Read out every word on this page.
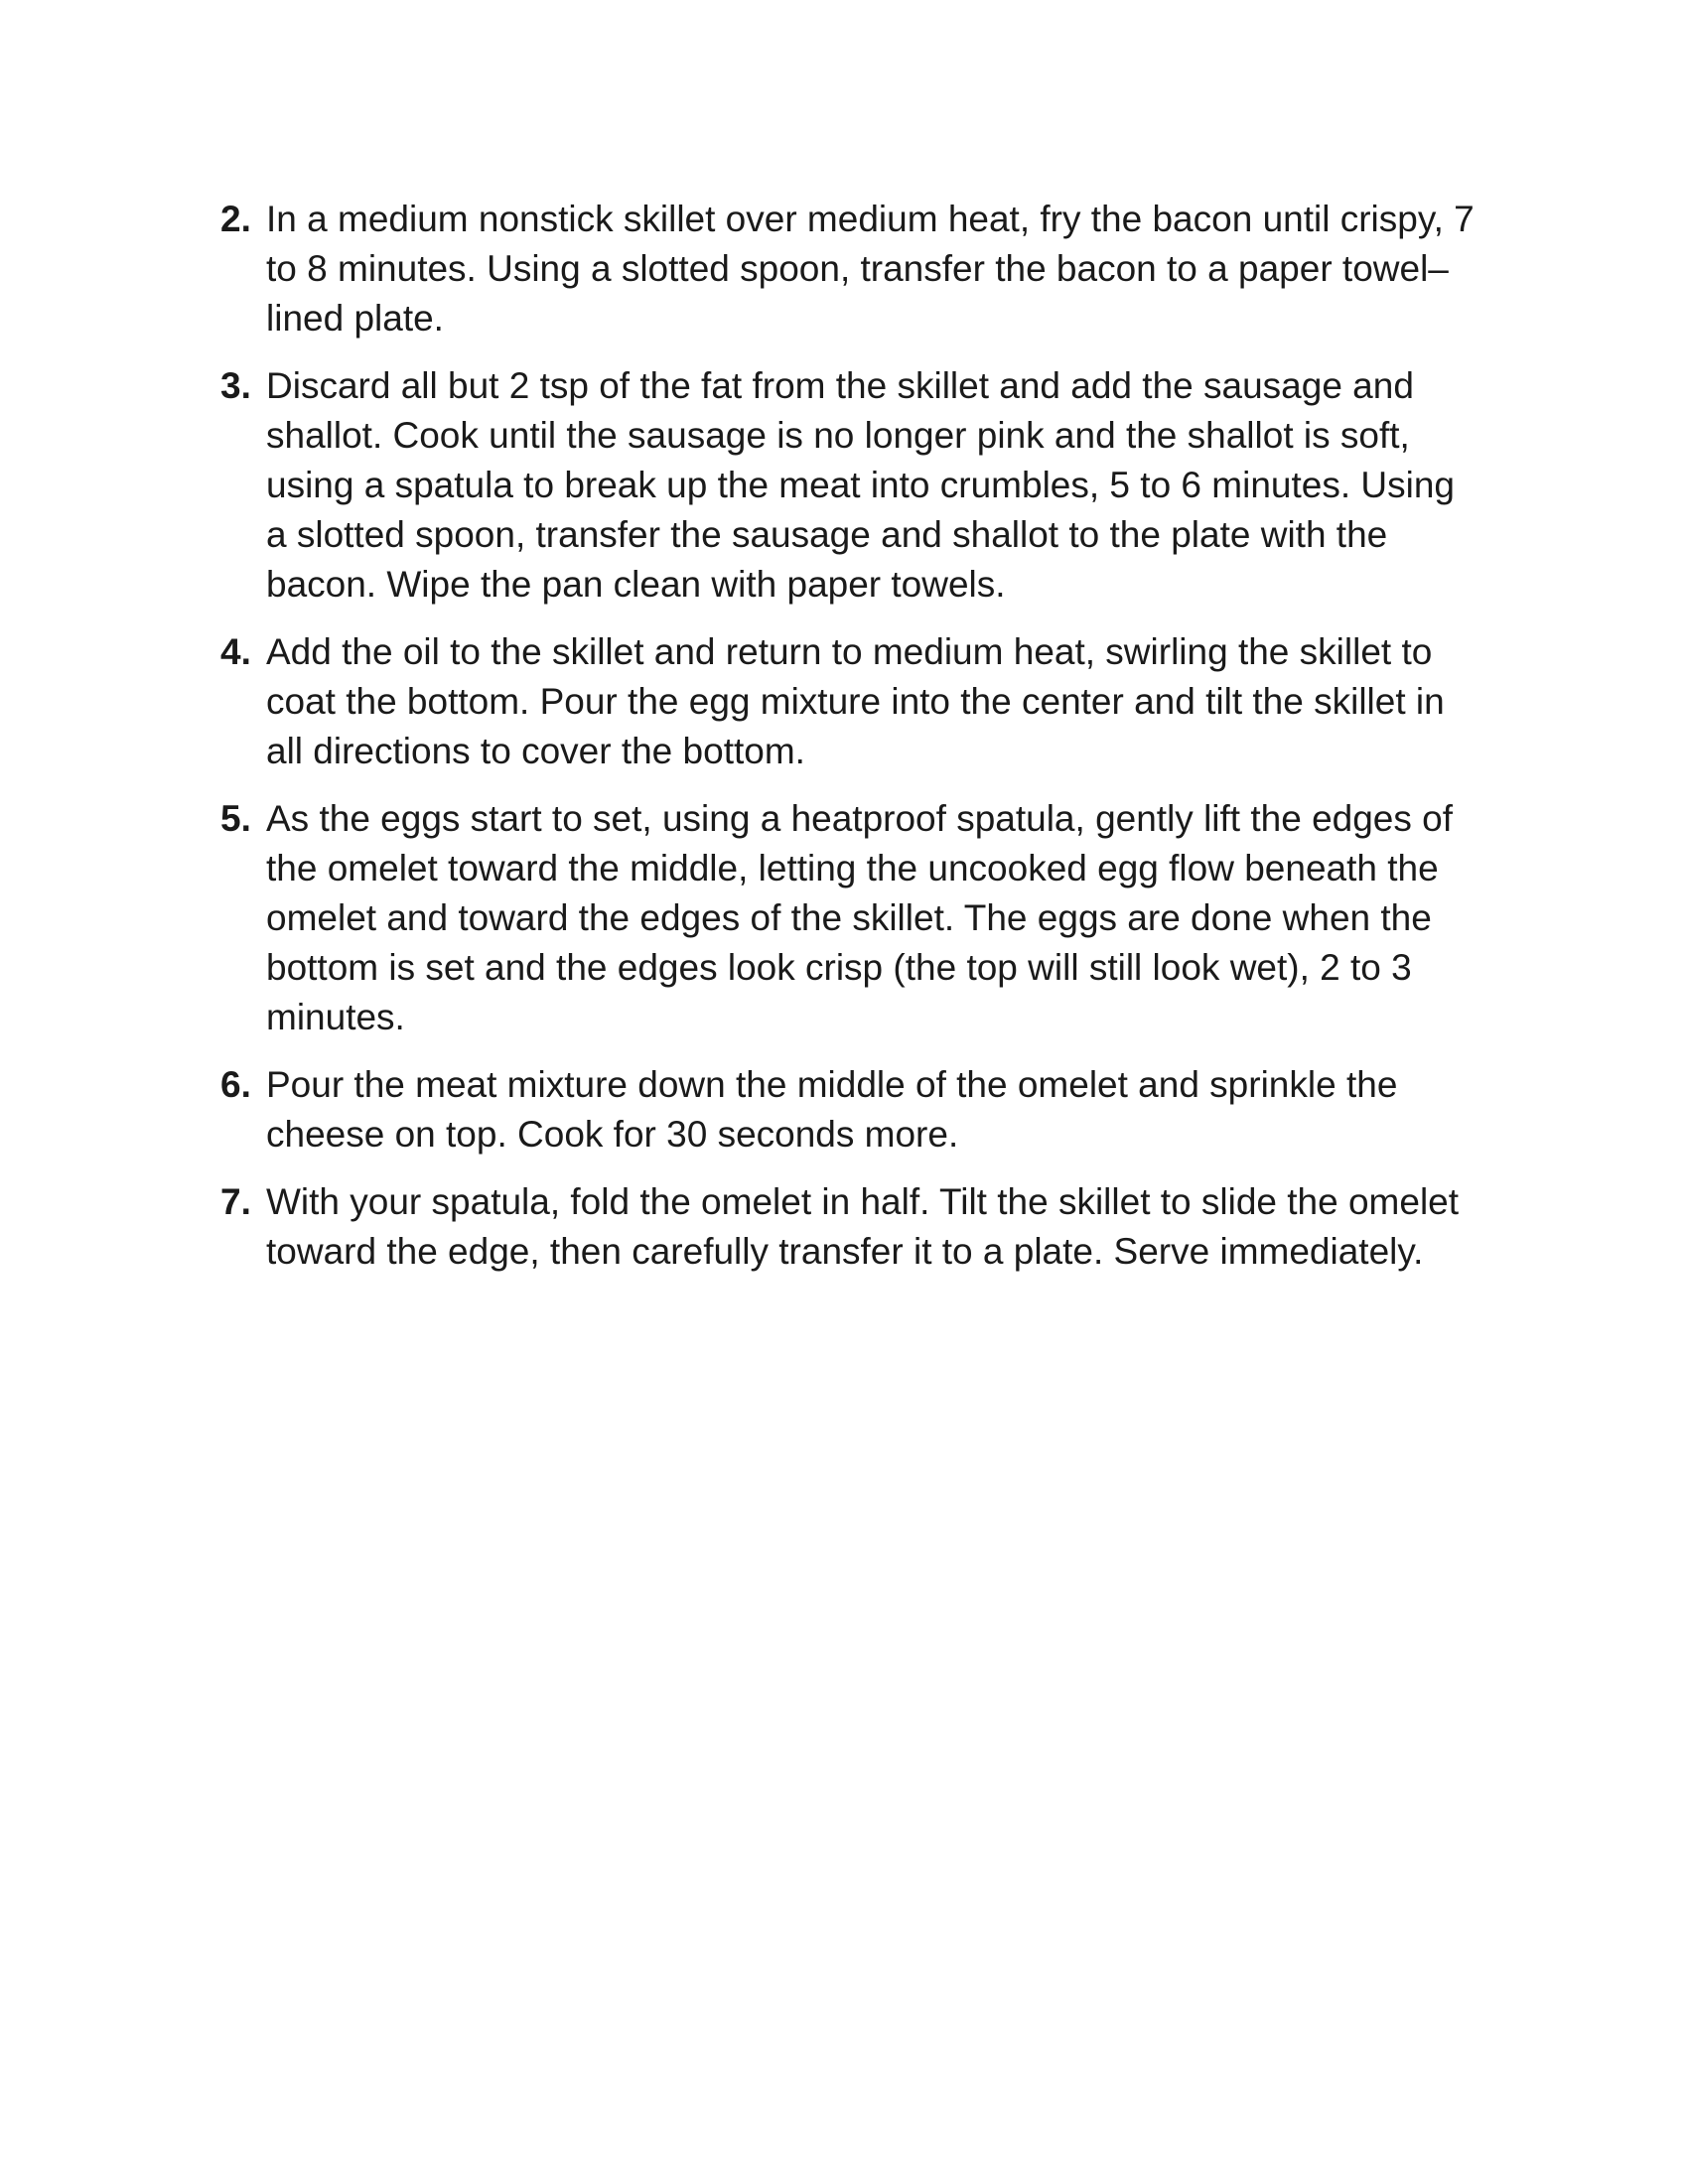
2. In a medium nonstick skillet over medium heat, fry the bacon until crispy, 7 to 8 minutes. Using a slotted spoon, transfer the bacon to a paper towel–lined plate.
3. Discard all but 2 tsp of the fat from the skillet and add the sausage and shallot. Cook until the sausage is no longer pink and the shallot is soft, using a spatula to break up the meat into crumbles, 5 to 6 minutes. Using a slotted spoon, transfer the sausage and shallot to the plate with the bacon. Wipe the pan clean with paper towels.
4. Add the oil to the skillet and return to medium heat, swirling the skillet to coat the bottom. Pour the egg mixture into the center and tilt the skillet in all directions to cover the bottom.
5. As the eggs start to set, using a heatproof spatula, gently lift the edges of the omelet toward the middle, letting the uncooked egg flow beneath the omelet and toward the edges of the skillet. The eggs are done when the bottom is set and the edges look crisp (the top will still look wet), 2 to 3 minutes.
6. Pour the meat mixture down the middle of the omelet and sprinkle the cheese on top. Cook for 30 seconds more.
7. With your spatula, fold the omelet in half. Tilt the skillet to slide the omelet toward the edge, then carefully transfer it to a plate. Serve immediately.
